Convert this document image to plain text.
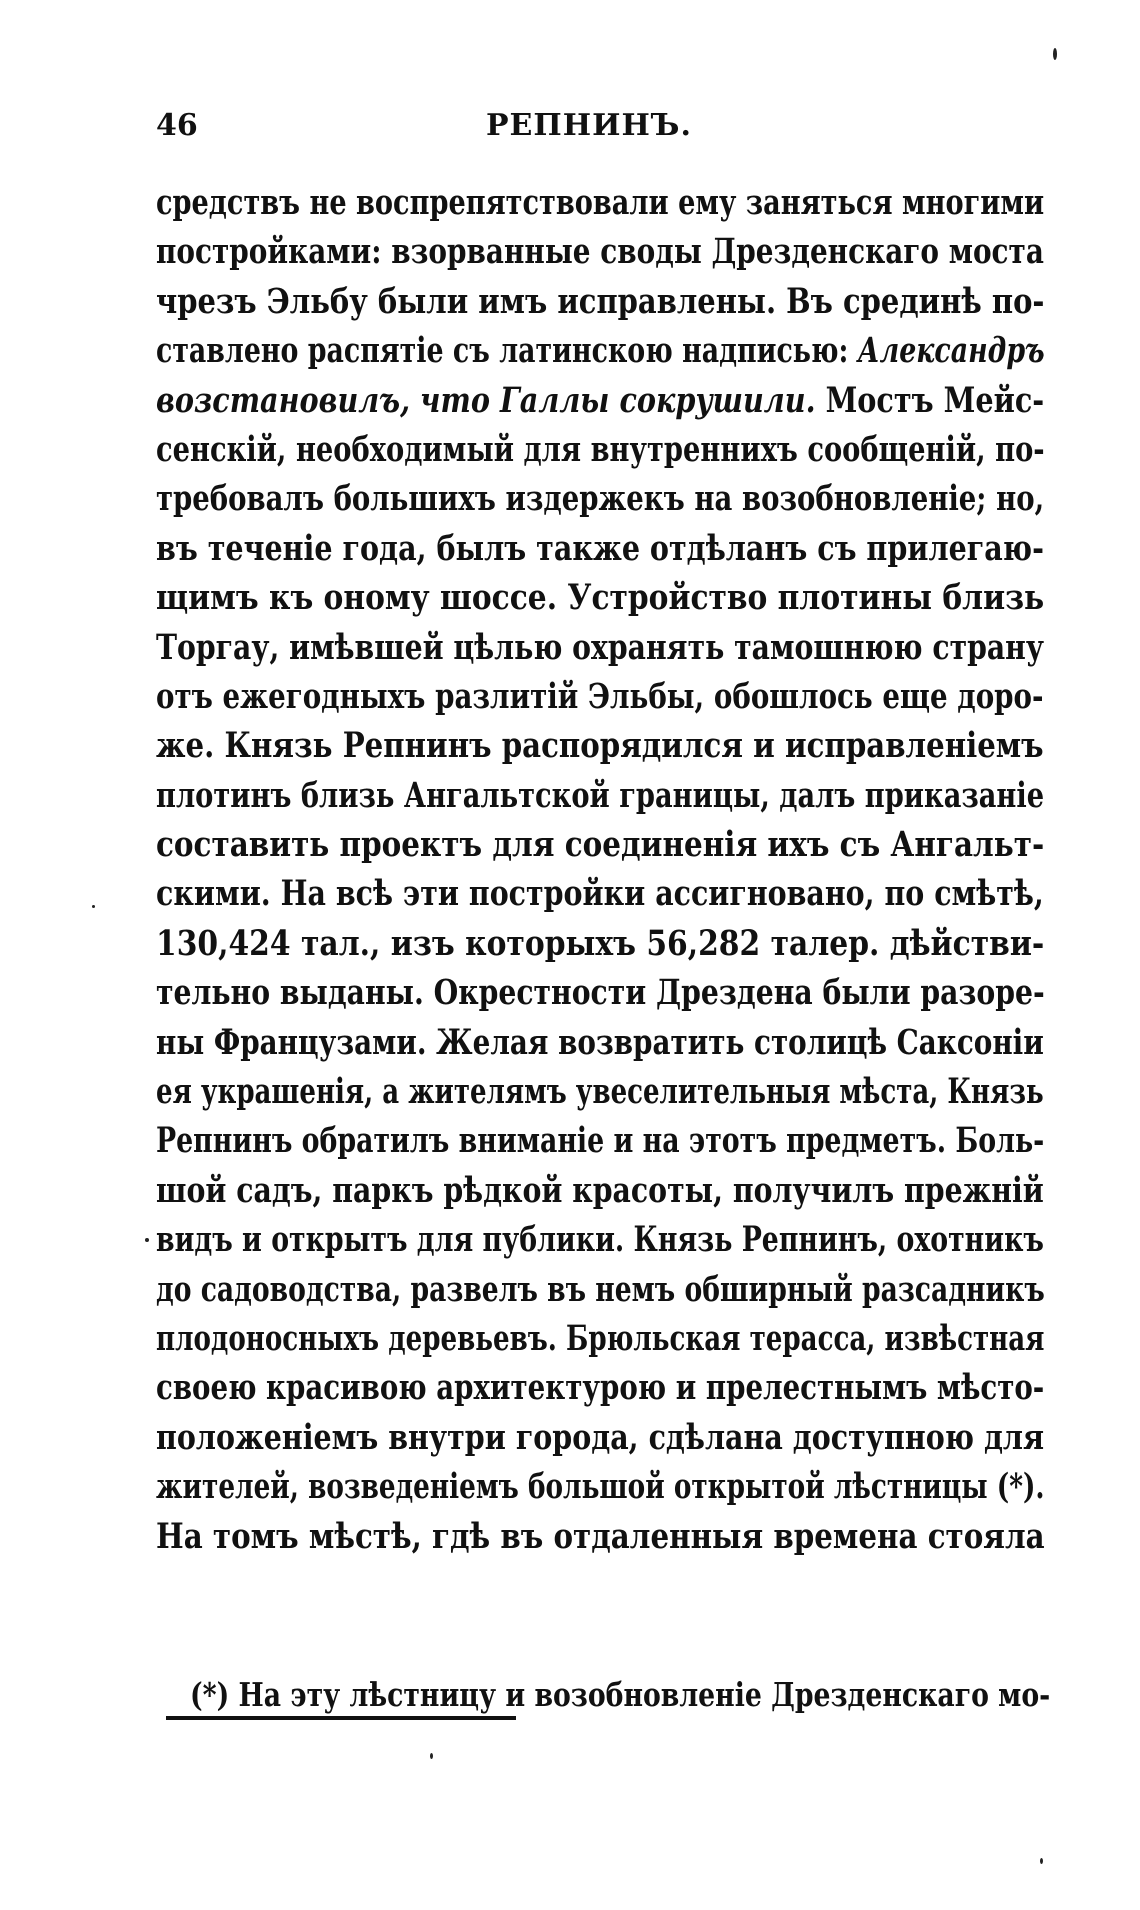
46	РЕПНИНЪ.
средствъ не воспрепятствовали ему заняться многими
постройками: взорванные своды Дрезденскаго моста
чрезъ Эльбу были имъ исправлены. Въ срединѣ по-
ставлено распятіе съ латинскою надписью: Александръ
возстановилъ, что Галлы сокрушили. Мостъ Мейс-
сенскій, необходимый для внутреннихъ сообщеній, по-
требовалъ большихъ издержекъ на возобновленіе; но,
въ теченіе года, былъ также отдѣланъ съ прилегаю-
щимъ къ оному шоссе. Устройство плотины близь
Торгау, имѣвшей цѣлью охранять тамошнюю страну
отъ ежегодныхъ разлитій Эльбы, обошлось еще доро-
же. Князь Репнинъ распорядился и исправленіемъ
плотинъ близь Ангальтской границы, далъ приказаніе
составить проектъ для соединенія ихъ съ Ангальт-
скими. На всѣ эти постройки ассигновано, по смѣтѣ,
130,424 тал., изъ которыхъ 56,282 талер. дѣйстви-
тельно выданы. Окрестности Дрездена были разоре-
ны Французами. Желая возвратить столицѣ Саксоніи
ея украшенія, а жителямъ увеселительныя мѣста, Князь
Репнинъ обратилъ вниманіе и на этотъ предметъ. Боль-
шой садъ, паркъ рѣдкой красоты, получилъ прежній
видъ и открытъ для публики. Князь Репнинъ, охотникъ
до садоводства, развелъ въ немъ обширный разсадникъ
плодоносныхъ деревьевъ. Брюльская терасса, извѣстная
своею красивою архитектурою и прелестнымъ мѣсто-
положеніемъ внутри города, сдѣлана доступною для
жителей, возведеніемъ большой открытой лѣстницы (*).
На томъ мѣстѣ, гдѣ въ отдаленныя времена стояла
(*) На эту лѣстницу и возобновленіе Дрезденскаго мо-
